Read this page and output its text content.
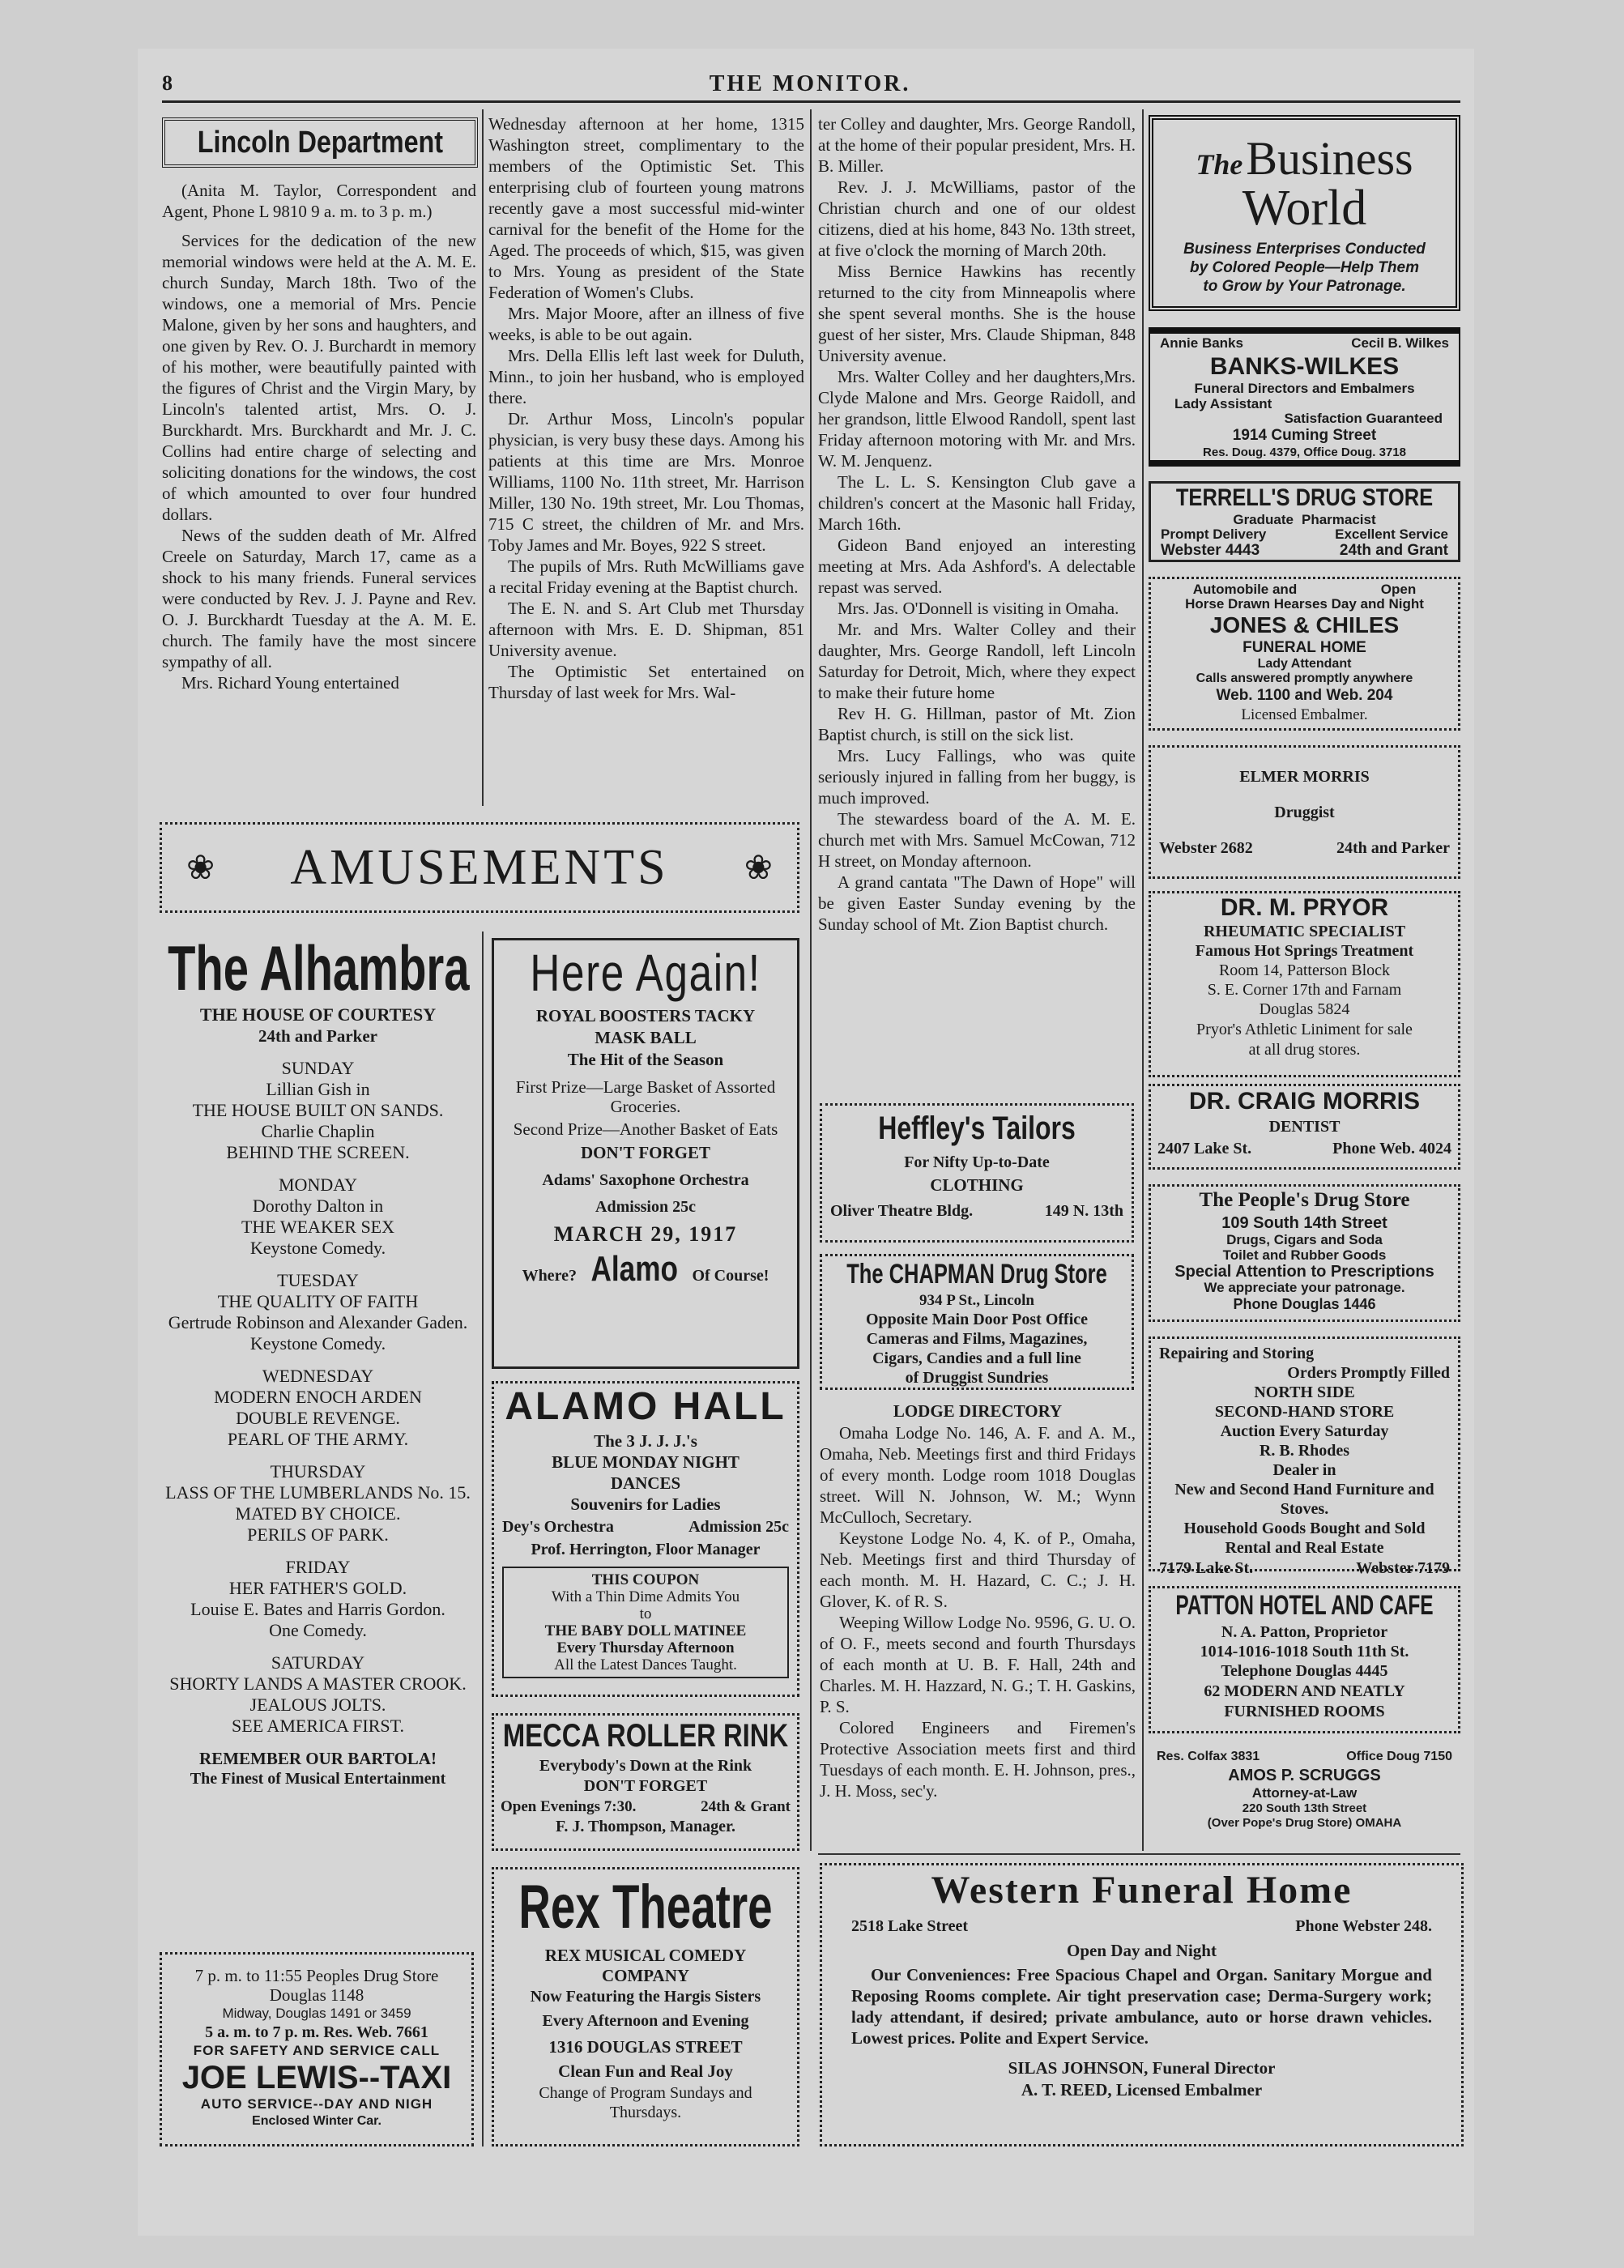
8	THE MONITOR.
Lincoln Department

(Anita M. Taylor, Correspondent and Agent, Phone L 9810 9 a. m. to 3 p. m.)

Services for the dedication of the new memorial windows were held at the A. M. E. church Sunday, March 18th. Two of the windows, one a memorial of Mrs. Pencie Malone, given by her sons and haughters, and one given by Rev. O. J. Burchardt in memory of his mother, were beautifully painted with the figures of Christ and the Virgin Mary, by Lincoln's talented artist, Mrs. O. J. Burckhardt. Mrs. Burckhardt and Mr. J. C. Collins had entire charge of selecting and soliciting donations for the windows, the cost of which amounted to over four hundred dollars.

News of the sudden death of Mr. Alfred Creele on Saturday, March 17, came as a shock to his many friends. Funeral services were conducted by Rev. J. J. Payne and Rev. O. J. Burckhardt Tuesday at the A. M. E. church. The family have the most sincere sympathy of all.

Mrs. Richard Young entertained

Wednesday afternoon at her home, 1315 Washington street, complimentary to the members of the Optimistic Set. This enterprising club of fourteen young matrons recently gave a most successful mid-winter carnival for the benefit of the Home for the Aged. The proceeds of which, $15, was given to Mrs. Young as president of the State Federation of Women's Clubs.

Mrs. Major Moore, after an illness of five weeks, is able to be out again.

Mrs. Della Ellis left last week for Duluth, Minn., to join her husband, who is employed there.

Dr. Arthur Moss, Lincoln's popular physician, is very busy these days. Among his patients at this time are Mrs. Monroe Williams, 1100 No. 11th street, Mr. Harrison Miller, 130 No. 19th street, Mr. Lou Thomas, 715 C street, the children of Mr. and Mrs. Toby James and Mr. Boyes, 922 S street.

The pupils of Mrs. Ruth McWilliams gave a recital Friday evening at the Baptist church.

The E. N. and S. Art Club met Thursday afternoon with Mrs. E. D. Shipman, 851 University avenue.

The Optimistic Set entertained on Thursday of last week for Mrs. Wal-

ter Colley and daughter, Mrs. George Randoll, at the home of their popular president, Mrs. H. B. Miller.

Rev. J. J. McWilliams, pastor of the Christian church and one of our oldest citizens, died at his home, 843 No. 13th street, at five o'clock the morning of March 20th.

Miss Bernice Hawkins has recently returned to the city from Minneapolis where she spent several months. She is the house guest of her sister, Mrs. Claude Shipman, 848 University avenue.

Mrs. Walter Colley and her daughters,Mrs. Clyde Malone and Mrs. George Raidoll, and her grandson, little Elwood Randoll, spent last Friday afternoon motoring with Mr. and Mrs. W. M. Jenquenz.

The L. L. S. Kensington Club gave a children's concert at the Masonic hall Friday, March 16th.

Gideon Band enjoyed an interesting meeting at Mrs. Ada Ashford's. A delectable repast was served.

Mrs. Jas. O'Donnell is visiting in Omaha.

Mr. and Mrs. Walter Colley and their daughter, Mrs. George Randoll, left Lincoln Saturday for Detroit, Mich, where they expect to make their future home

Rev H. G. Hillman, pastor of Mt. Zion Baptist church, is still on the sick list.

Mrs. Lucy Fallings, who was quite seriously injured in falling from her buggy, is much improved.

The stewardess board of the A. M. E. church met with Mrs. Samuel McCowan, 712 H street, on Monday afternoon.

A grand cantata "The Dawn of Hope" will be given Easter Sunday evening by the Sunday school of Mt. Zion Baptist church.

❀ AMUSEMENTS ❀
The Alhambra
THE HOUSE OF COURTESY
24th and Parker
SUNDAY
Lillian Gish in
THE HOUSE BUILT ON SANDS.
Charlie Chaplin
BEHIND THE SCREEN.
MONDAY
Dorothy Dalton in
THE WEAKER SEX
Keystone Comedy.
TUESDAY
THE QUALITY OF FAITH
Gertrude Robinson and Alexander Gaden.
Keystone Comedy.
WEDNESDAY
MODERN ENOCH ARDEN
DOUBLE REVENGE.
PEARL OF THE ARMY.
THURSDAY
LASS OF THE LUMBERLANDS No. 15.
MATED BY CHOICE.
PERILS OF PARK.
FRIDAY
HER FATHER'S GOLD.
Louise E. Bates and Harris Gordon.
One Comedy.
SATURDAY
SHORTY LANDS A MASTER CROOK.
JEALOUS JOLTS.
SEE AMERICA FIRST.
REMEMBER OUR BARTOLA!
The Finest of Musical Entertainment
7 p. m. to 11:55 Peoples Drug Store
Douglas 1148
Midway, Douglas 1491 or 3459
5 a. m. to 7 p. m. Res. Web. 7661
FOR SAFETY AND SERVICE CALL
JOE LEWIS--TAXI
AUTO SERVICE--DAY AND NIGH
Enclosed Winter Car.
Here Again!
ROYAL BOOSTERS TACKY
MASK BALL
The Hit of the Season
First Prize—Large Basket of Assorted Groceries.
Second Prize—Another Basket of Eats
DON'T FORGET
Adams' Saxophone Orchestra
Admission 25c
MARCH 29, 1917
Where? Alamo Of Course!
ALAMO HALL
The 3 J. J. J.'s
BLUE MONDAY NIGHT
DANCES
Souvenirs for Ladies
Dey's Orchestra	Admission 25c
Prof. Herrington, Floor Manager
THIS COUPON
With a Thin Dime Admits You
to
THE BABY DOLL MATINEE
Every Thursday Afternoon
All the Latest Dances Taught.
MECCA ROLLER RINK
Everybody's Down at the Rink
DON'T FORGET
Open Evenings 7:30.	24th & Grant
F. J. Thompson, Manager.
Rex Theatre
REX MUSICAL COMEDY
COMPANY
Now Featuring the Hargis Sisters
Every Afternoon and Evening
1316 DOUGLAS STREET
Clean Fun and Real Joy
Change of Program Sundays and Thursdays.
Heffley's Tailors
For Nifty Up-to-Date
CLOTHING
Oliver Theatre Bldg.	149 N. 13th
The CHAPMAN Drug Store
934 P St., Lincoln
Opposite Main Door Post Office
Cameras and Films, Magazines,
Cigars, Candies and a full line
of Druggist Sundries
LODGE DIRECTORY

Omaha Lodge No. 146, A. F. and A. M., Omaha, Neb. Meetings first and third Fridays of every month. Lodge room 1018 Douglas street. Will N. Johnson, W. M.; Wynn McCulloch, Secretary.

Keystone Lodge No. 4, K. of P., Omaha, Neb. Meetings first and third Thursday of each month. M. H. Hazard, C. C.; J. H. Glover, K. of R. S.

Weeping Willow Lodge No. 9596, G. U. O. of O. F., meets second and fourth Thursdays of each month at U. B. F. Hall, 24th and Charles. M. H. Hazzard, N. G.; T. H. Gaskins, P. S.

Colored Engineers and Firemen's Protective Association meets first and third Tuesdays of each month. E. H. Johnson, pres., J. H. Moss, sec'y.

The Business
World
Business Enterprises Conducted
by Colored People—Help Them
to Grow by Your Patronage.
Annie Banks	Cecil B. Wilkes
BANKS-WILKES
Funeral Directors and Embalmers
Lady Assistant
Satisfaction Guaranteed
1914 Cuming Street
Res. Doug. 4379, Office Doug. 3718
TERRELL'S DRUG STORE
Graduate Pharmacist
Prompt Delivery	Excellent Service
Webster 4443	24th and Grant
Automobile and	Open
Horse Drawn Hearses Day and Night
JONES & CHILES
FUNERAL HOME
Lady Attendant
Calls answered promptly anywhere
Web. 1100 and Web. 204
Licensed Embalmer.
ELMER MORRIS
Druggist
Webster 2682	24th and Parker
DR. M. PRYOR
RHEUMATIC SPECIALIST
Famous Hot Springs Treatment
Room 14, Patterson Block
S. E. Corner 17th and Farnam
Douglas 5824
Pryor's Athletic Liniment for sale
at all drug stores.
DR. CRAIG MORRIS
DENTIST
2407 Lake St.	Phone Web. 4024
The People's Drug Store
109 South 14th Street
Drugs, Cigars and Soda
Toilet and Rubber Goods
Special Attention to Prescriptions
We appreciate your patronage.
Phone Douglas 1446
Repairing and Storing
Orders Promptly Filled
NORTH SIDE
SECOND-HAND STORE
Auction Every Saturday
R. B. Rhodes
Dealer in
New and Second Hand Furniture and Stoves.
Household Goods Bought and Sold
Rental and Real Estate
7179 Lake St.	Webster 7179
PATTON HOTEL AND CAFE
N. A. Patton, Proprietor
1014-1016-1018 South 11th St.
Telephone Douglas 4445
62 MODERN AND NEATLY
FURNISHED ROOMS
Res. Colfax 3831	Office Doug 7150
AMOS P. SCRUGGS
Attorney-at-Law
220 South 13th Street
(Over Pope's Drug Store) OMAHA
Western Funeral Home
2518 Lake Street	Phone Webster 248.
Open Day and Night
Our Conveniences: Free Spacious Chapel and Organ. Sanitary Morgue and Reposing Rooms complete. Air tight preservation case; Derma-Surgery work; lady attendant, if desired; private ambulance, auto or horse drawn vehicles. Lowest prices. Polite and Expert Service.
SILAS JOHNSON, Funeral Director
A. T. REED, Licensed Embalmer
